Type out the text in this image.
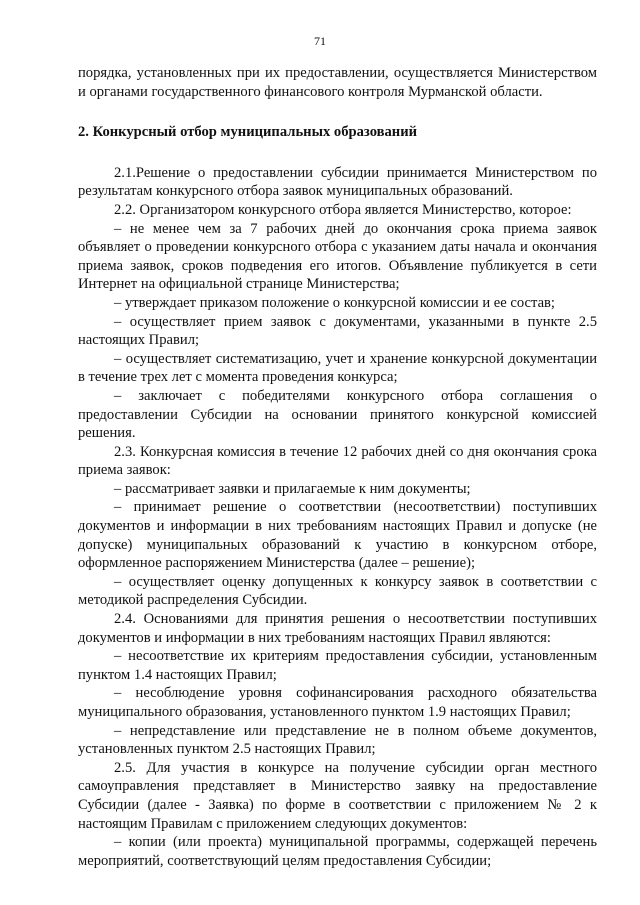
71

порядка, установленных при их предоставлении, осуществляется Министерством и органами государственного финансового контроля Мурманской области.

2. Конкурсный отбор муниципальных образований

2.1.Решение о предоставлении субсидии принимается Министерством по результатам конкурсного отбора заявок муниципальных образований.

2.2. Организатором конкурсного отбора является Министерство, которое:

– не менее чем за 7 рабочих дней до окончания срока приема заявок объявляет о проведении конкурсного отбора с указанием даты начала и окончания приема заявок, сроков подведения его итогов. Объявление публикуется в сети Интернет на официальной странице Министерства;

– утверждает приказом положение о конкурсной комиссии и ее состав;

– осуществляет прием заявок с документами, указанными в пункте 2.5 настоящих Правил;

– осуществляет систематизацию, учет и хранение конкурсной документации в течение трех лет с момента проведения конкурса;

– заключает с победителями конкурсного отбора соглашения о предоставлении Субсидии на основании принятого конкурсной комиссией решения.

2.3. Конкурсная комиссия в течение 12 рабочих дней со дня окончания срока приема заявок:

– рассматривает заявки и прилагаемые к ним документы;

– принимает решение о соответствии (несоответствии) поступивших документов и информации в них требованиям настоящих Правил и допуске (не допуске) муниципальных образований к участию в конкурсном отборе, оформленное распоряжением Министерства (далее – решение);

– осуществляет оценку допущенных к конкурсу заявок в соответствии с методикой распределения Субсидии.

2.4. Основаниями для принятия решения о несоответствии поступивших документов и информации в них требованиям настоящих Правил являются:

– несоответствие их критериям предоставления субсидии, установленным пунктом 1.4 настоящих Правил;

– несоблюдение уровня софинансирования расходного обязательства муниципального образования, установленного пунктом 1.9 настоящих Правил;

– непредставление или представление не в полном объеме документов, установленных пунктом 2.5 настоящих Правил;

2.5. Для участия в конкурсе на получение субсидии орган местного самоуправления представляет в Министерство заявку на предоставление Субсидии (далее - Заявка) по форме в соответствии с приложением № 2 к настоящим Правилам с приложением следующих документов:

– копии (или проекта) муниципальной программы, содержащей перечень мероприятий, соответствующий целям предоставления Субсидии;
